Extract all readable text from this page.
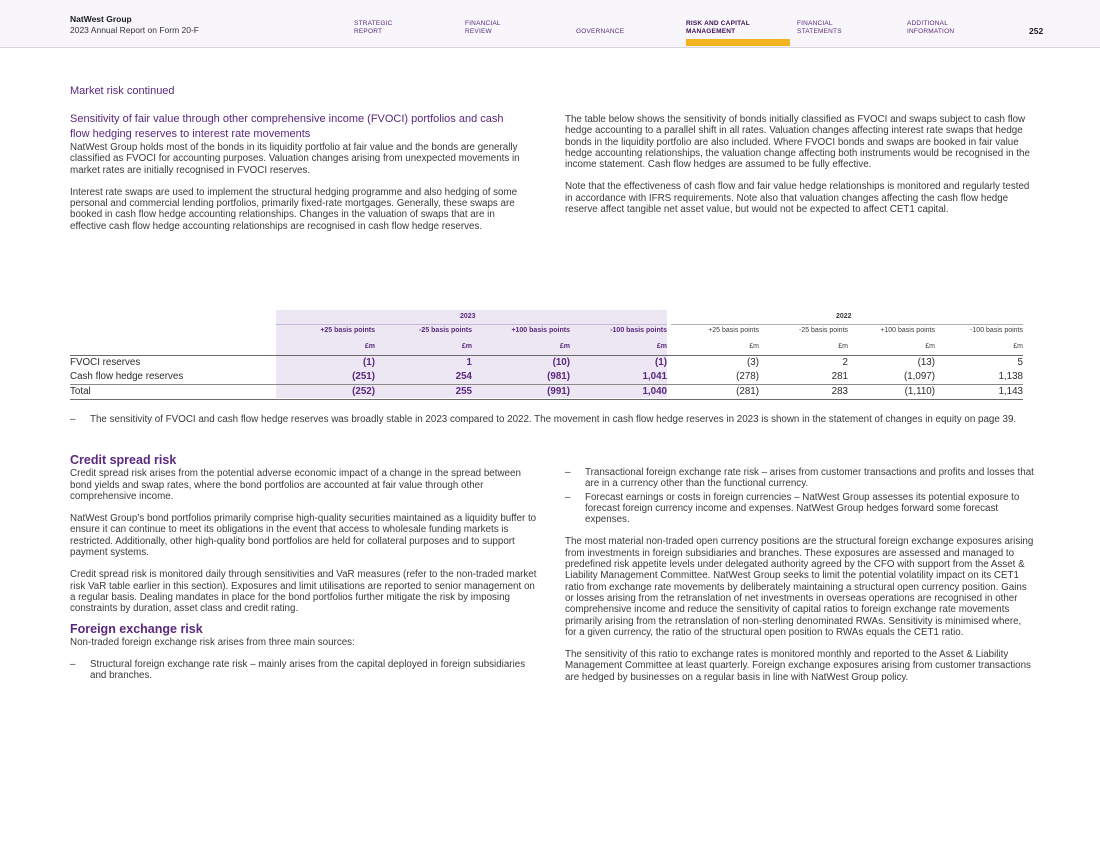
NatWest Group
2023 Annual Report on Form 20-F
STRATEGIC
REPORT
FINANCIAL
REVIEW	GOVERNANCE
RISK AND CAPITAL
MANAGEMENT
FINANCIAL
STATEMENTS
ADDITIONAL
INFORMATION	252
Market risk continued
Sensitivity of fair value through other comprehensive income (FVOCI) portfolios and cash flow hedging reserves to interest rate movements

NatWest Group holds most of the bonds in its liquidity portfolio at fair value and the bonds are generally classified as FVOCI for accounting purposes. Valuation changes arising from unexpected movements in market rates are initially recognised in FVOCI reserves.

Interest rate swaps are used to implement the structural hedging programme and also hedging of some personal and commercial lending portfolios, primarily fixed-rate mortgages. Generally, these swaps are booked in cash flow hedge accounting relationships. Changes in the valuation of swaps that are in effective cash flow hedge accounting relationships are recognised in cash flow hedge reserves.

The table below shows the sensitivity of bonds initially classified as FVOCI and swaps subject to cash flow hedge accounting to a parallel shift in all rates. Valuation changes affecting interest rate swaps that hedge bonds in the liquidity portfolio are also included. Where FVOCI bonds and swaps are booked in fair value hedge accounting relationships, the valuation change affecting both instruments would be recognised in the income statement. Cash flow hedges are assumed to be fully effective.

Note that the effectiveness of cash flow and fair value hedge relationships is monitored and regularly tested in accordance with IFRS requirements. Note also that valuation changes affecting the cash flow hedge reserve affect tangible net asset value, but would not be expected to affect CET1 capital.

2023	2022
+25 basis points	-25 basis points	+100 basis points	-100 basis points	+25 basis points	-25 basis points	+100 basis points	-100 basis points
£m	£m	£m	£m	£m	£m	£m	£m
FVOCI reserves	(1)	1	(10)	(1)	(3)	2	(13)	5
Cash flow hedge reserves	(251)	254	(981)	1,041	(278)	281	(1,097)	1,138
Total	(252)	255	(991)	1,040	(281)	283	(1,110)	1,143
–	The sensitivity of FVOCI and cash flow hedge reserves was broadly stable in 2023 compared to 2022. The movement in cash flow hedge reserves in 2023 is shown in the statement of changes in equity on page 39.
Credit spread risk

Credit spread risk arises from the potential adverse economic impact of a change in the spread between bond yields and swap rates, where the bond portfolios are accounted at fair value through other comprehensive income.

NatWest Group’s bond portfolios primarily comprise high-quality securities maintained as a liquidity buffer to ensure it can continue to meet its obligations in the event that access to wholesale funding markets is restricted. Additionally, other high-quality bond portfolios are held for collateral purposes and to support payment systems.

Credit spread risk is monitored daily through sensitivities and VaR measures (refer to the non-traded market risk VaR table earlier in this section). Exposures and limit utilisations are reported to senior management on a regular basis. Dealing mandates in place for the bond portfolios further mitigate the risk by imposing constraints by duration, asset class and credit rating.

Foreign exchange risk

Non-traded foreign exchange risk arises from three main sources:

–	Structural foreign exchange rate risk – mainly arises from the capital deployed in foreign subsidiaries and branches.
–	Transactional foreign exchange rate risk – arises from customer transactions and profits and losses that are in a currency other than the functional currency.
–	Forecast earnings or costs in foreign currencies – NatWest Group assesses its potential exposure to forecast foreign currency income and expenses. NatWest Group hedges forward some forecast expenses.

The most material non-traded open currency positions are the structural foreign exchange exposures arising from investments in foreign subsidiaries and branches. These exposures are assessed and managed to predefined risk appetite levels under delegated authority agreed by the CFO with support from the Asset & Liability Management Committee. NatWest Group seeks to limit the potential volatility impact on its CET1 ratio from exchange rate movements by deliberately maintaining a structural open currency position. Gains or losses arising from the retranslation of net investments in overseas operations are recognised in other comprehensive income and reduce the sensitivity of capital ratios to foreign exchange rate movements primarily arising from the retranslation of non-sterling denominated RWAs. Sensitivity is minimised where, for a given currency, the ratio of the structural open position to RWAs equals the CET1 ratio.

The sensitivity of this ratio to exchange rates is monitored monthly and reported to the Asset & Liability Management Committee at least quarterly. Foreign exchange exposures arising from customer transactions are hedged by businesses on a regular basis in line with NatWest Group policy.
